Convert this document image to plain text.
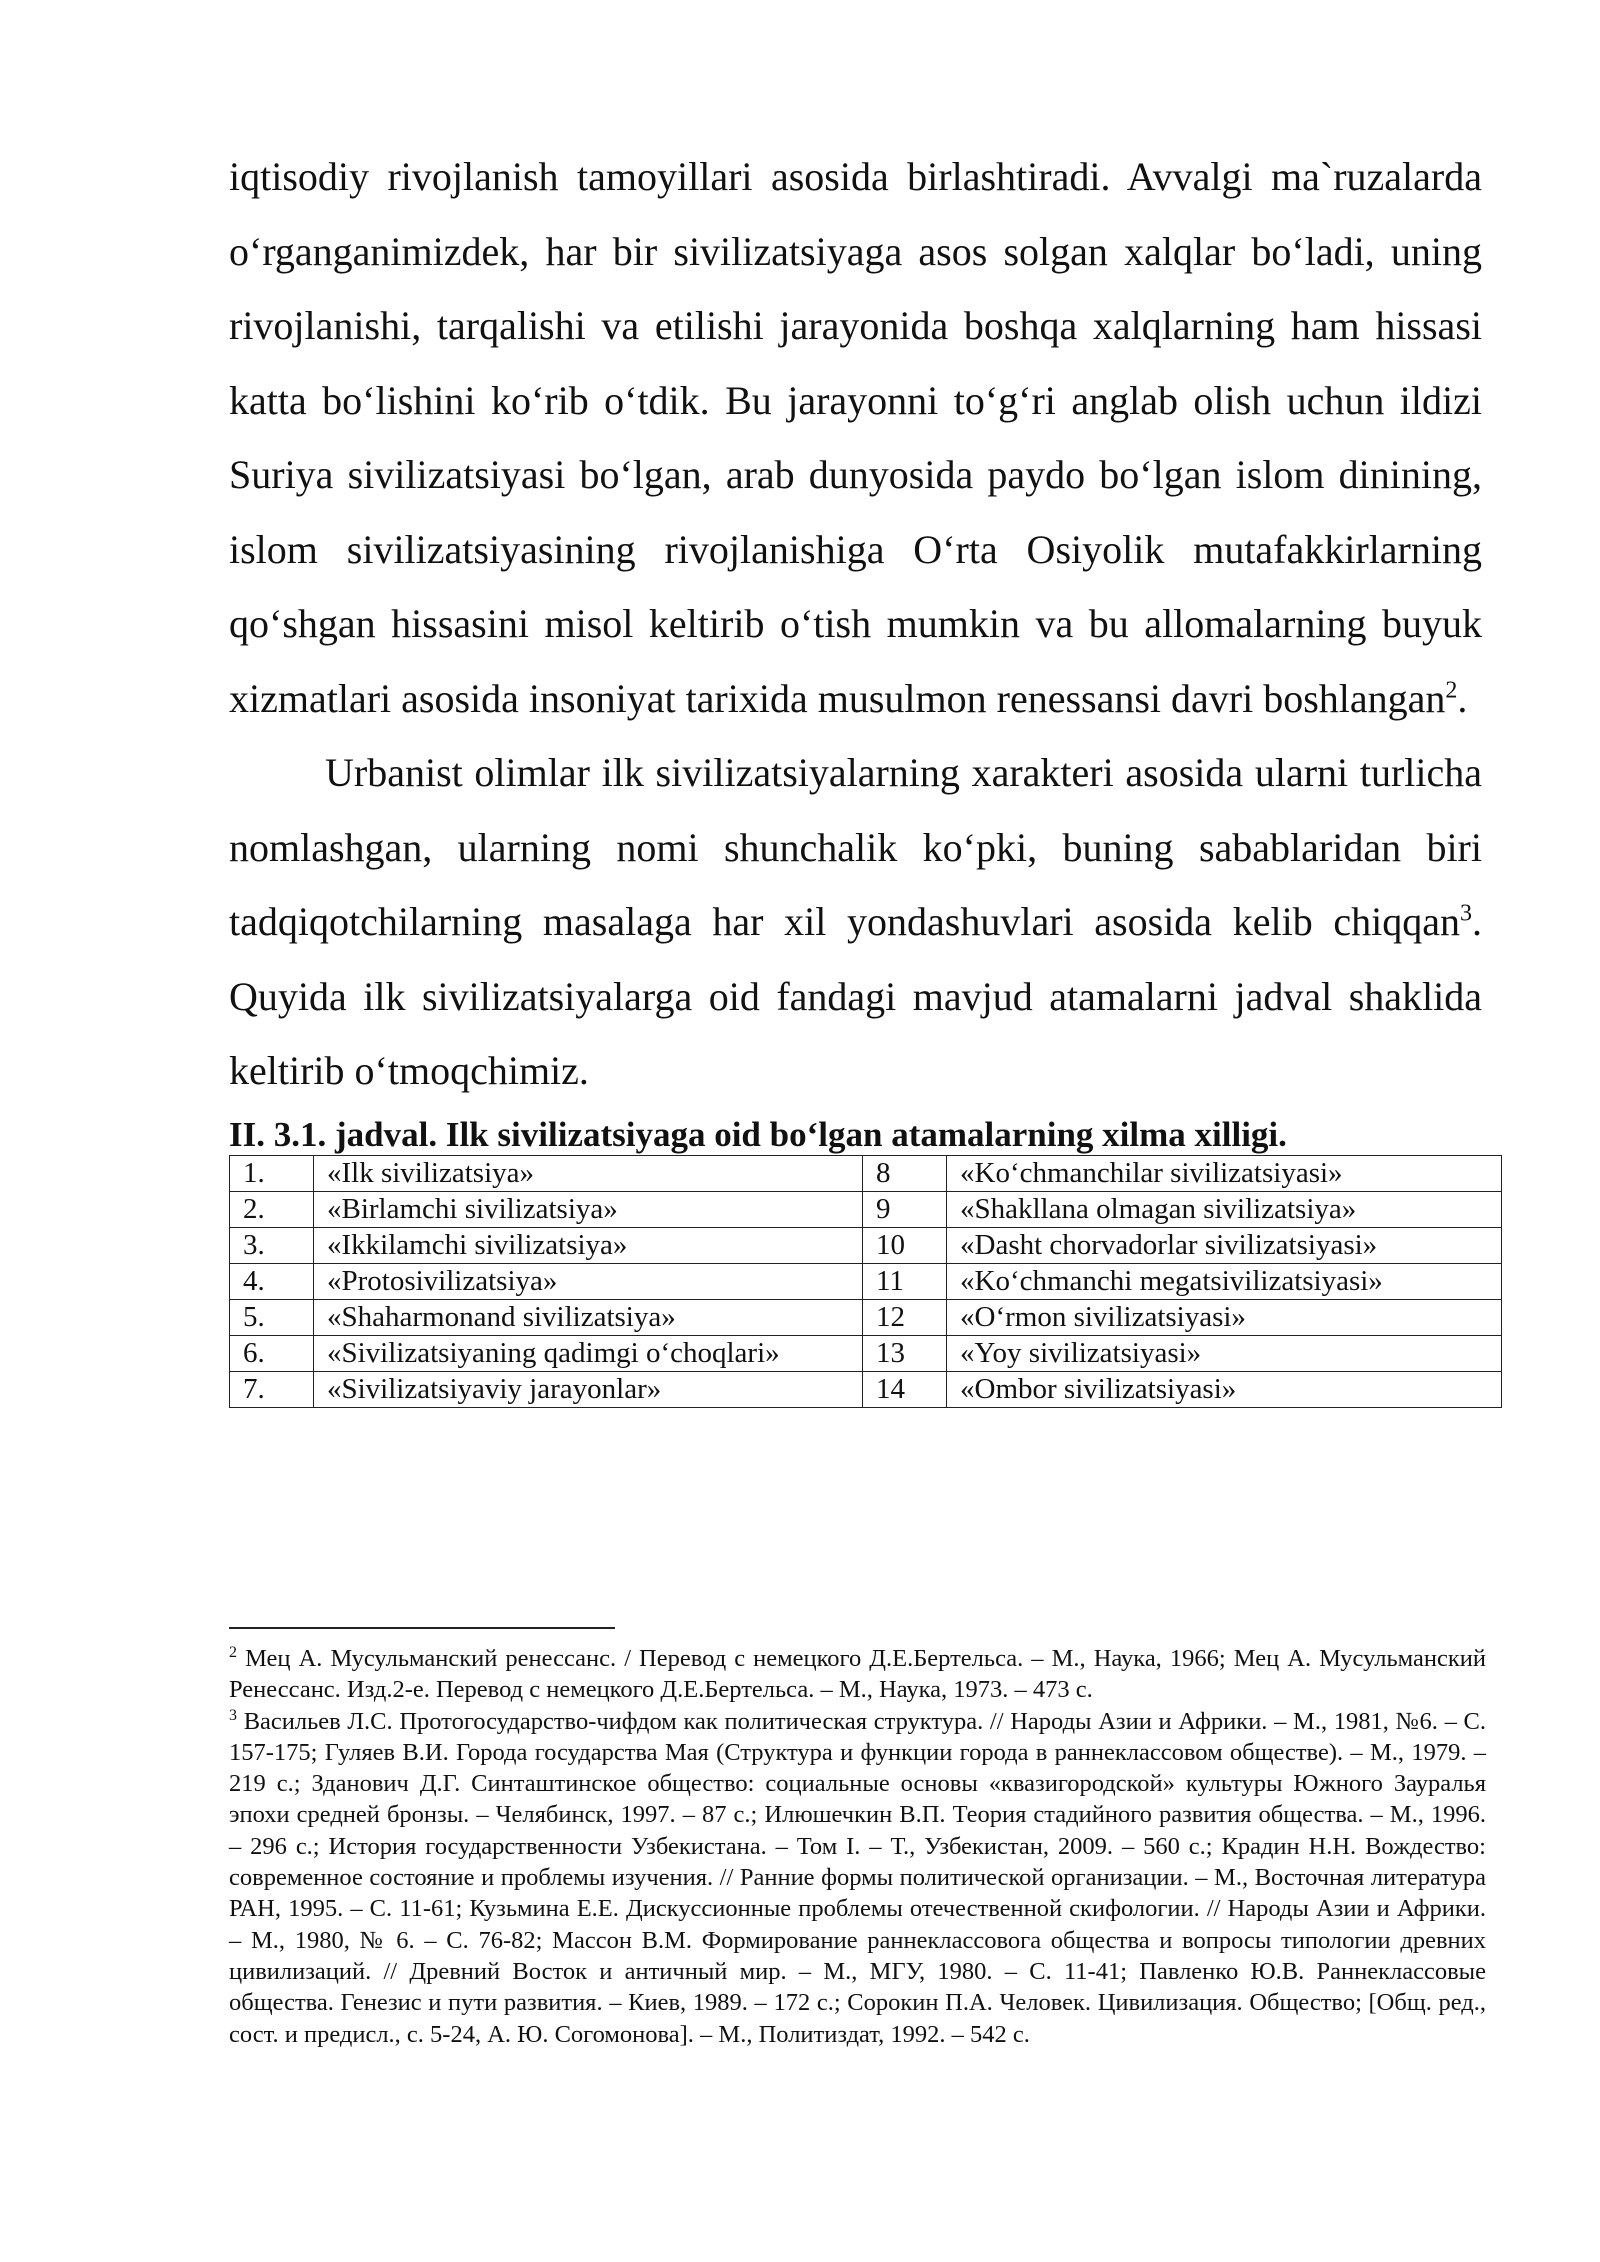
iqtisodiy rivojlanish tamoyillari asosida birlashtiradi. Avvalgi ma`ruzalarda o‘rganganimizdek, har bir sivilizatsiyaga asos solgan xalqlar bo‘ladi, uning rivojlanishi, tarqalishi va etilishi jarayonida boshqa xalqlarning ham hissasi katta bo‘lishini ko‘rib o‘tdik. Bu jarayonni to‘g‘ri anglab olish uchun ildizi Suriya sivilizatsiyasi bo‘lgan, arab dunyosida paydo bo‘lgan islom dinining, islom sivilizatsiyasining rivojlanishiga O‘rta Osiyolik mutafakkirlarning qo‘shgan hissasini misol keltirib o‘tish mumkin va bu allomalarning buyuk xizmatlari asosida insoniyat tarixida musulmon renessansi davri boshlangan$^2$.

Urbanist olimlar ilk sivilizatsiyalarning xarakteri asosida ularni turlicha nomlashgan, ularning nomi shunchalik ko‘pki, buning sabablaridan biri tadqiqotchilarning masalaga har xil yondashuvlari asosida kelib chiqqan$^3$. Quyida ilk sivilizatsiyalarga oid fandagi mavjud atamalarni jadval shaklida keltirib o‘tmoqchimiz.

II. 3.1. jadval. Ilk sivilizatsiyaga oid bo‘lgan atamalarning xilma xilligi.

1.	«Ilk sivilizatsiya»	8	«Ko‘chmanchilar sivilizatsiyasi»
2.	«Birlamchi sivilizatsiya»	9	«Shakllana olmagan sivilizatsiya»
3.	«Ikkilamchi sivilizatsiya»	10	«Dasht chorvadorlar sivilizatsiyasi»
4.	«Protosivilizatsiya»	11	«Ko‘chmanchi megatsivilizatsiyasi»
5.	«Shaharmonand sivilizatsiya»	12	«O‘rmon sivilizatsiyasi»
6.	«Sivilizatsiyaning qadimgi o‘choqlari»	13	«Yoy sivilizatsiyasi»
7.	«Sivilizatsiyaviy jarayonlar»	14	«Ombor sivilizatsiyasi»

$^2$ Мец А. Мусульманский ренессанс. / Перевод с немецкого Д.Е.Бертельса. – М., Наука, 1966; Мец А. Мусульманский Ренессанс. Изд.2-е. Перевод с немецкого Д.Е.Бертельса. – М., Наука, 1973. – 473 с.

$^3$ Васильев Л.С. Протогосударство-чифдом как политическая структура. // Народы Азии и Африки. – М., 1981, №6. – С. 157-175; Гуляев В.И. Города государства Мая (Структура и функции города в раннеклассовом обществе). – М., 1979. – 219 с.; Зданович Д.Г. Синташтинское общество: социальные основы «квазигородской» культуры Южного Зауралья эпохи средней бронзы. – Челябинск, 1997. – 87 с.; Илюшечкин В.П. Теория стадийного развития общества. – М., 1996. – 296 с.; История государственности Узбекистана. – Том I. – Т., Узбекистан, 2009. – 560 с.; Крадин Н.Н. Вождество: современное состояние и проблемы изучения. // Ранние формы политической организации. – М., Восточная литература РАН, 1995. – С. 11-61; Кузьмина Е.Е. Дискуссионные проблемы отечественной скифологии. // Народы Азии и Африки. – М., 1980, № 6. – С. 76-82; Массон В.М. Формирование раннеклассовога общества и вопросы типологии древних цивилизаций. // Древний Восток и античный мир. – М., МГУ, 1980. – С. 11-41; Павленко Ю.В. Раннеклассовые общества. Генезис и пути развития. – Киев, 1989. – 172 с.; Сорокин П.А. Человек. Цивилизация. Общество; [Общ. ред., сост. и предисл., с. 5-24, А. Ю. Согомонова]. – М., Политиздат, 1992. – 542 с.
